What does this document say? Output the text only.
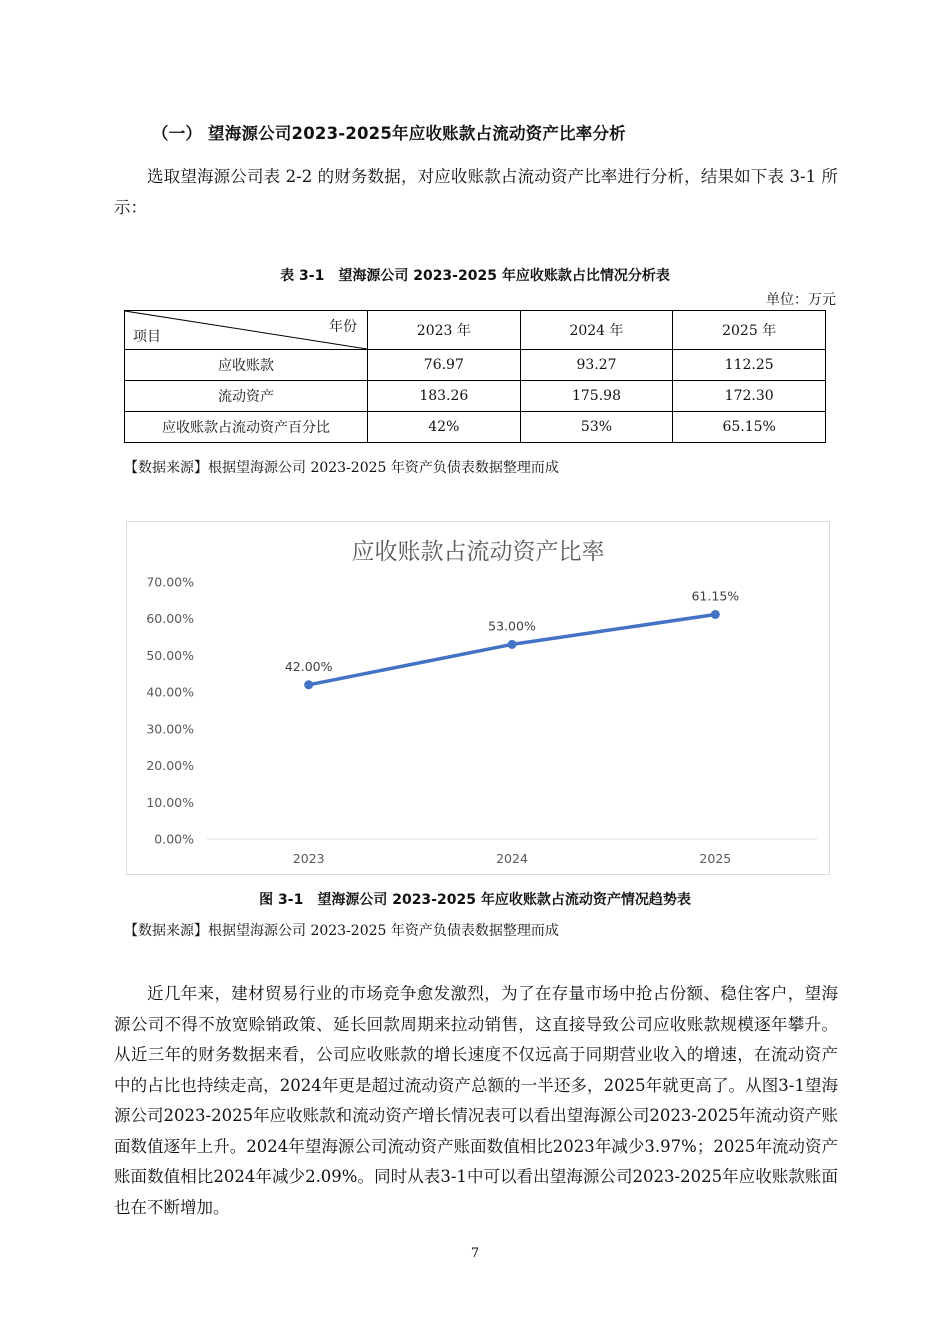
（一） 望海源公司2023-2025年应收账款占流动资产比率分析

选取望海源公司表 2-2 的财务数据，对应收账款占流动资产比率进行分析，结果如下表 3-1 所示：

表 3-1　望海源公司 2023-2025 年应收账款占比情况分析表
单位：万元
年份
项目	2023 年	2024 年	2025 年
应收账款	76.97	93.27	112.25
流动资产	183.26	175.98	172.30
应收账款占流动资产百分比	42%	53%	65.15%
【数据来源】根据望海源公司 2023-2025 年资产负债表数据整理而成
应收账款占流动资产比率
0.00%
10.00%
20.00%
30.00%
40.00%
50.00%
60.00%
70.00%
2023	2024	2025
42.00%
53.00%
61.15%
图 3-1　望海源公司 2023-2025 年应收账款占流动资产情况趋势表
【数据来源】根据望海源公司 2023-2025 年资产负债表数据整理而成

近几年来，建材贸易行业的市场竞争愈发激烈，为了在存量市场中抢占份额、稳住客户，望海源公司不得不放宽赊销政策、延长回款周期来拉动销售，这直接导致公司应收账款规模逐年攀升。从近三年的财务数据来看，公司应收账款的增长速度不仅远高于同期营业收入的增速，在流动资产中的占比也持续走高，2024年更是超过流动资产总额的一半还多，2025年就更高了。从图3-1望海源公司2023-2025年应收账款和流动资产增长情况表可以看出望海源公司2023-2025年流动资产账面数值逐年上升。2024年望海源公司流动资产账面数值相比2023年减少3.97%；2025年流动资产账面数值相比2024年减少2.09%。同时从表3-1中可以看出望海源公司2023-2025年应收账款账面也在不断增加。

7
